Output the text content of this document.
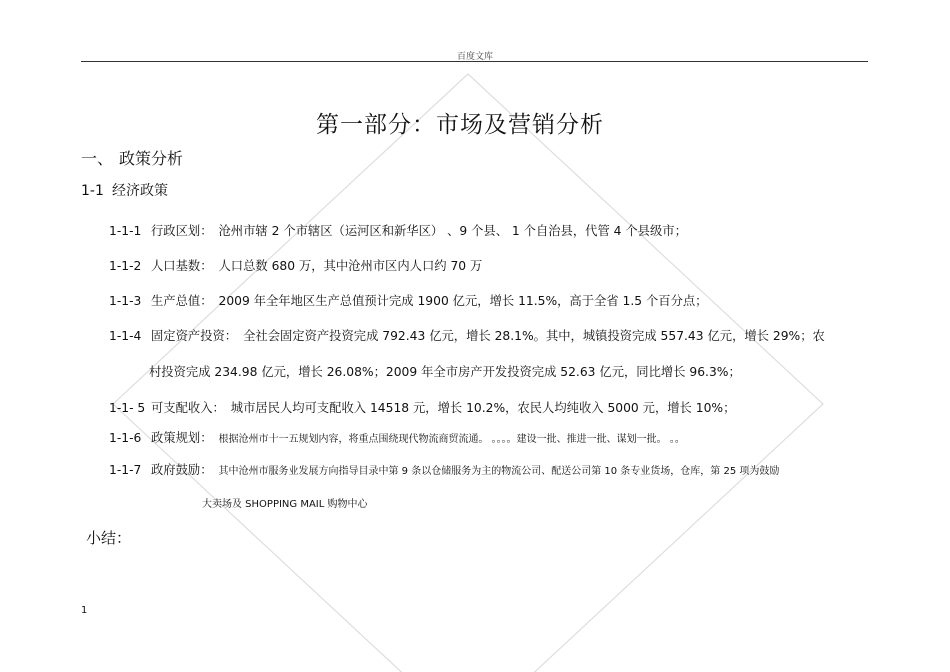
百度文库
第一部分：市场及营销分析
一、 政策分析
1-1 经济政策
1-1-1 行政区划： 沧州市辖 2 个市辖区（运河区和新华区） 、9 个县、 1 个自治县，代管 4 个县级市；
1-1-2 人口基数： 人口总数 680 万，其中沧州市区内人口约 70 万
1-1-3 生产总值： 2009 年全年地区生产总值预计完成 1900 亿元，增长 11.5%，高于全省 1.5 个百分点；
1-1-4 固定资产投资： 全社会固定资产投资完成 792.43 亿元，增长 28.1%。其中，城镇投资完成 557.43 亿元，增长 29%；农
村投资完成 234.98 亿元，增长 26.08%；2009 年全市房产开发投资完成 52.63 亿元，同比增长 96.3%；
1-1- 5 可支配收入： 城市居民人均可支配收入 14518 元，增长 10.2%，农民人均纯收入 5000 元，增长 10%；
1-1-6 政策规划： 根据沧州市十一五规划内容，将重点围绕现代物流商贸流通。 。。。。建设一批、推进一批、谋划一批。 。。
1-1-7 政府鼓励： 其中沧州市服务业发展方向指导目录中第 9 条以仓储服务为主的物流公司、配送公司第 10 条专业货场，仓库，第 25 项为鼓励
大卖场及 SHOPPING MAIL 购物中心
小结：
1
